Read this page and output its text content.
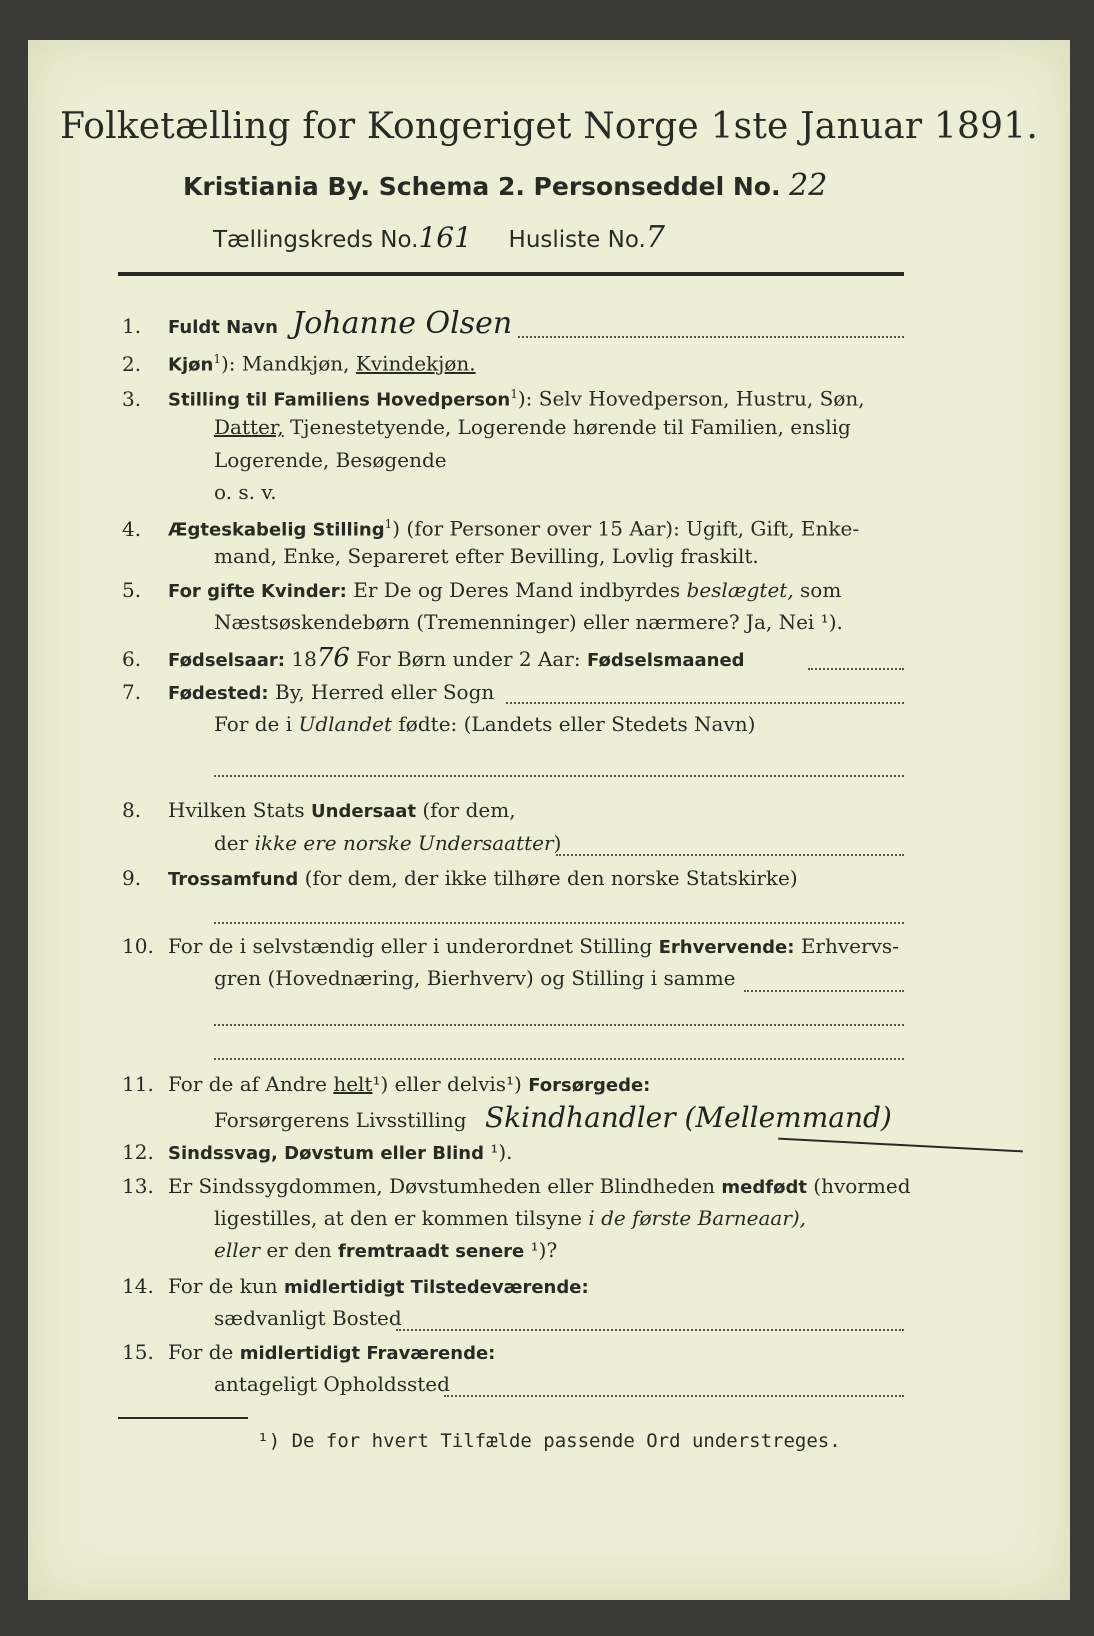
Folketælling for Kongeriget Norge 1ste Januar 1891.
Kristiania By. Schema 2. Personseddel No. 22
Tællingskreds No.161 Husliste No.7
1. Fuldt Navn Johanne Olsen
2. Kjøn$^1$): Mandkjøn, Kvindekjøn.
3. Stilling til Familiens Hovedperson$^1$): Selv Hovedperson, Hustru, Søn,
Datter, Tjenestetyende, Logerende hørende til Familien, enslig
Logerende, Besøgende
o. s. v.
4. Ægteskabelig Stilling$^1$) (for Personer over 15 Aar): Ugift, Gift, Enke-
mand, Enke, Separeret efter Bevilling, Lovlig fraskilt.
5. For gifte Kvinder: Er De og Deres Mand indbyrdes beslægtet, som
Næstsøskendebørn (Tremenninger) eller nærmere? Ja, Nei ¹).
6. Fødselsaar: 1876 For Børn under 2 Aar: Fødselsmaaned
7. Fødested: By, Herred eller Sogn
For de i Udlandet fødte: (Landets eller Stedets Navn)
8. Hvilken Stats Undersaat (for dem,
der ikke ere norske Undersaatter)
9. Trossamfund (for dem, der ikke tilhøre den norske Statskirke)
10. For de i selvstændig eller i underordnet Stilling Erhvervende: Erhvervs-
gren (Hovednæring, Bierhverv) og Stilling i samme
11. For de af Andre helt¹) eller delvis¹) Forsørgede:
Forsørgerens Livsstilling Skindhandler (Mellemmand)
12. Sindssvag, Døvstum eller Blind ¹).
13. Er Sindssygdommen, Døvstumheden eller Blindheden medfødt (hvormed
ligestilles, at den er kommen tilsyne i de første Barneaar),
eller er den fremtraadt senere ¹)?
14. For de kun midlertidigt Tilstedeværende:
sædvanligt Bosted
15. For de midlertidigt Fraværende:
antageligt Opholdssted
¹) De for hvert Tilfælde passende Ord understreges.
